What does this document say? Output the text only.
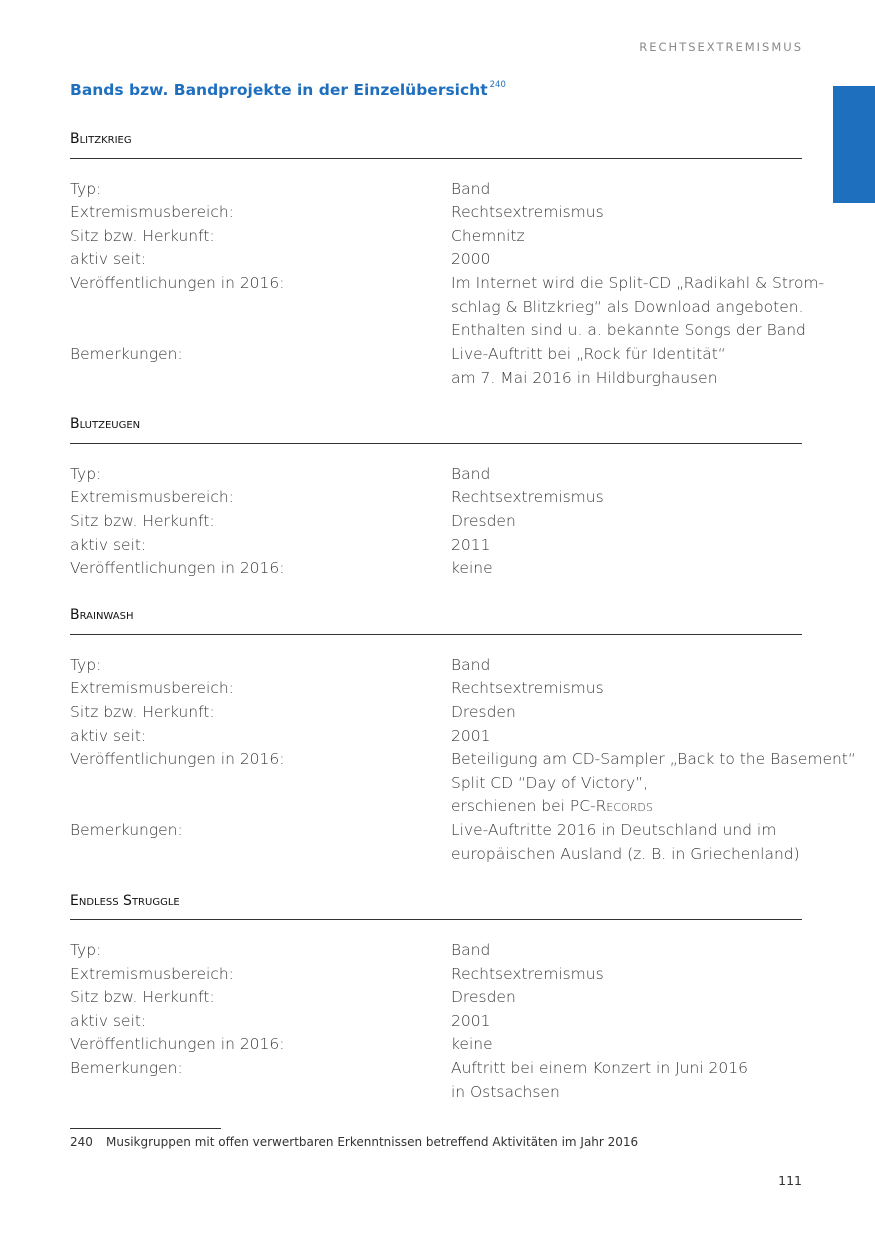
RECHTSEXTREMISMUS
Bands bzw. Bandprojekte in der Einzelübersicht $^{240}$
Blitzkrieg
Typ:	Band
Extremismusbereich:	Rechtsextremismus
Sitz bzw. Herkunft:	Chemnitz
aktiv seit:	2000
Veröffentlichungen in 2016:	Im Internet wird die Split-CD „Radikahl & Strom-
schlag & Blitzkrieg“ als Download angeboten.
Enthalten sind u. a. bekannte Songs der Band
Bemerkungen:	Live-Auftritt bei „Rock für Identität“
am 7. Mai 2016 in Hildburghausen
Blutzeugen
Typ:	Band
Extremismusbereich:	Rechtsextremismus
Sitz bzw. Herkunft:	Dresden
aktiv seit:	2011
Veröffentlichungen in 2016:	keine
Brainwash
Typ:	Band
Extremismusbereich:	Rechtsextremismus
Sitz bzw. Herkunft:	Dresden
aktiv seit:	2001
Veröffentlichungen in 2016:	Beteiligung am CD-Sampler „Back to the Basement“
Split CD “Day of Victory”,
erschienen bei PC-Records
Bemerkungen:	Live-Auftritte 2016 in Deutschland und im
europäischen Ausland (z. B. in Griechenland)
Endless Struggle
Typ:	Band
Extremismusbereich:	Rechtsextremismus
Sitz bzw. Herkunft:	Dresden
aktiv seit:	2001
Veröffentlichungen in 2016:	keine
Bemerkungen:	Auftritt bei einem Konzert in Juni 2016
in Ostsachsen
240 Musikgruppen mit offen verwertbaren Erkenntnissen betreffend Aktivitäten im Jahr 2016
111
